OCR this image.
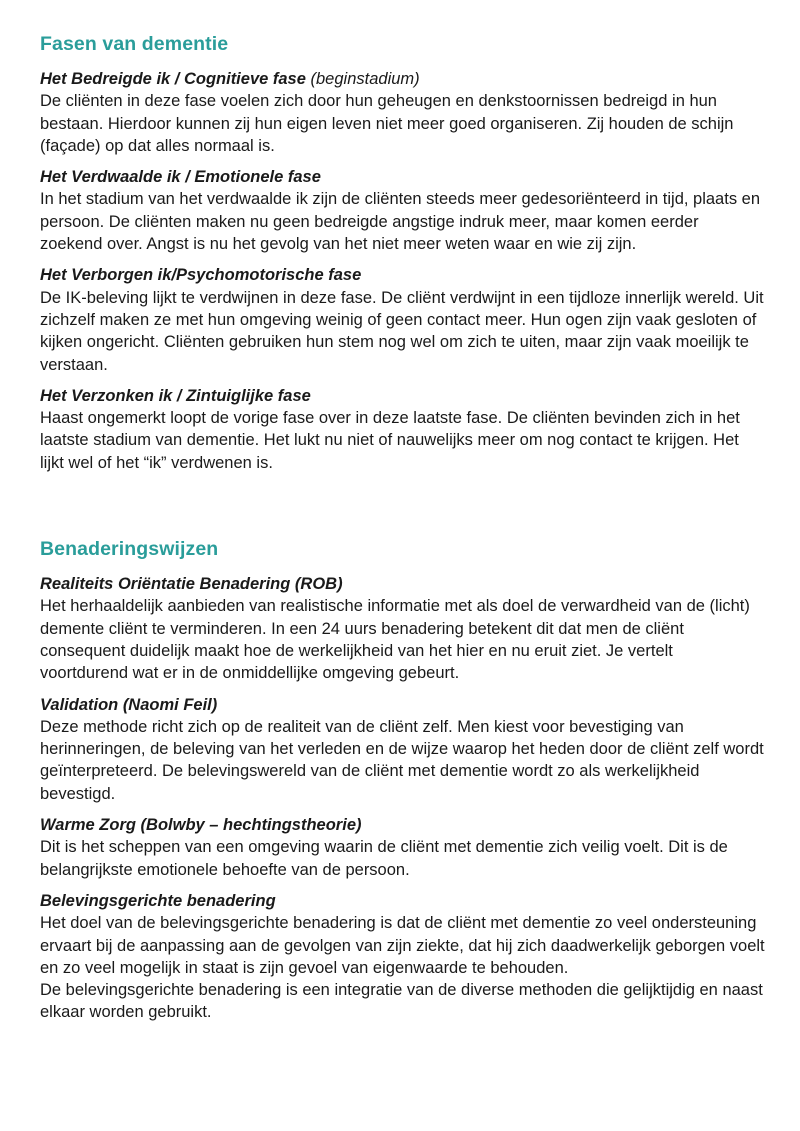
Fasen van dementie

Het Bedreigde ik / Cognitieve fase (beginstadium)

De cliënten in deze fase voelen zich door hun geheugen en denkstoornissen bedreigd in hun bestaan. Hierdoor kunnen zij hun eigen leven niet meer goed organiseren. Zij houden de schijn (façade) op dat alles normaal is.

Het Verdwaalde ik / Emotionele fase

In het stadium van het verdwaalde ik zijn de cliënten steeds meer gedesoriënteerd in tijd, plaats en persoon. De cliënten maken nu geen bedreigde angstige indruk meer, maar komen eerder zoekend over. Angst is nu het gevolg van het niet meer weten waar en wie zij zijn.

Het Verborgen ik/Psychomotorische fase

De IK-beleving lijkt te verdwijnen in deze fase. De cliënt verdwijnt in een tijdloze innerlijk wereld. Uit zichzelf maken ze met hun omgeving weinig of geen contact meer. Hun ogen zijn vaak gesloten of kijken ongericht. Cliënten gebruiken hun stem nog wel om zich te uiten, maar zijn vaak moeilijk te verstaan.

Het Verzonken ik / Zintuiglijke fase

Haast ongemerkt loopt de vorige fase over in deze laatste fase. De cliënten bevinden zich in het laatste stadium van dementie. Het lukt nu niet of nauwelijks meer om nog contact te krijgen. Het lijkt wel of het “ik” verdwenen is.

Benaderingswijzen

Realiteits Oriëntatie Benadering (ROB)

Het herhaaldelijk aanbieden van realistische informatie met als doel de verwardheid van de (licht) demente cliënt te verminderen. In een 24 uurs benadering betekent dit dat men de cliënt consequent duidelijk maakt hoe de werkelijkheid van het hier en nu eruit ziet. Je vertelt voortdurend wat er in de onmiddellijke omgeving gebeurt.

Validation (Naomi Feil)

Deze methode richt zich op de realiteit van de cliënt zelf. Men kiest voor bevestiging van herinneringen, de beleving van het verleden en de wijze waarop het heden door de cliënt zelf wordt geïnterpreteerd. De belevingswereld van de cliënt met dementie wordt zo als werkelijkheid bevestigd.

Warme Zorg (Bolwby – hechtingstheorie)

Dit is het scheppen van een omgeving waarin de cliënt met dementie zich veilig voelt. Dit is de belangrijkste emotionele behoefte van de persoon.

Belevingsgerichte benadering

Het doel van de belevingsgerichte benadering is dat de cliënt met dementie zo veel ondersteuning ervaart bij de aanpassing aan de gevolgen van zijn ziekte, dat hij zich daadwerkelijk geborgen voelt en zo veel mogelijk in staat is zijn gevoel van eigenwaarde te behouden.

De belevingsgerichte benadering is een integratie van de diverse methoden die gelijktijdig en naast elkaar worden gebruikt.
